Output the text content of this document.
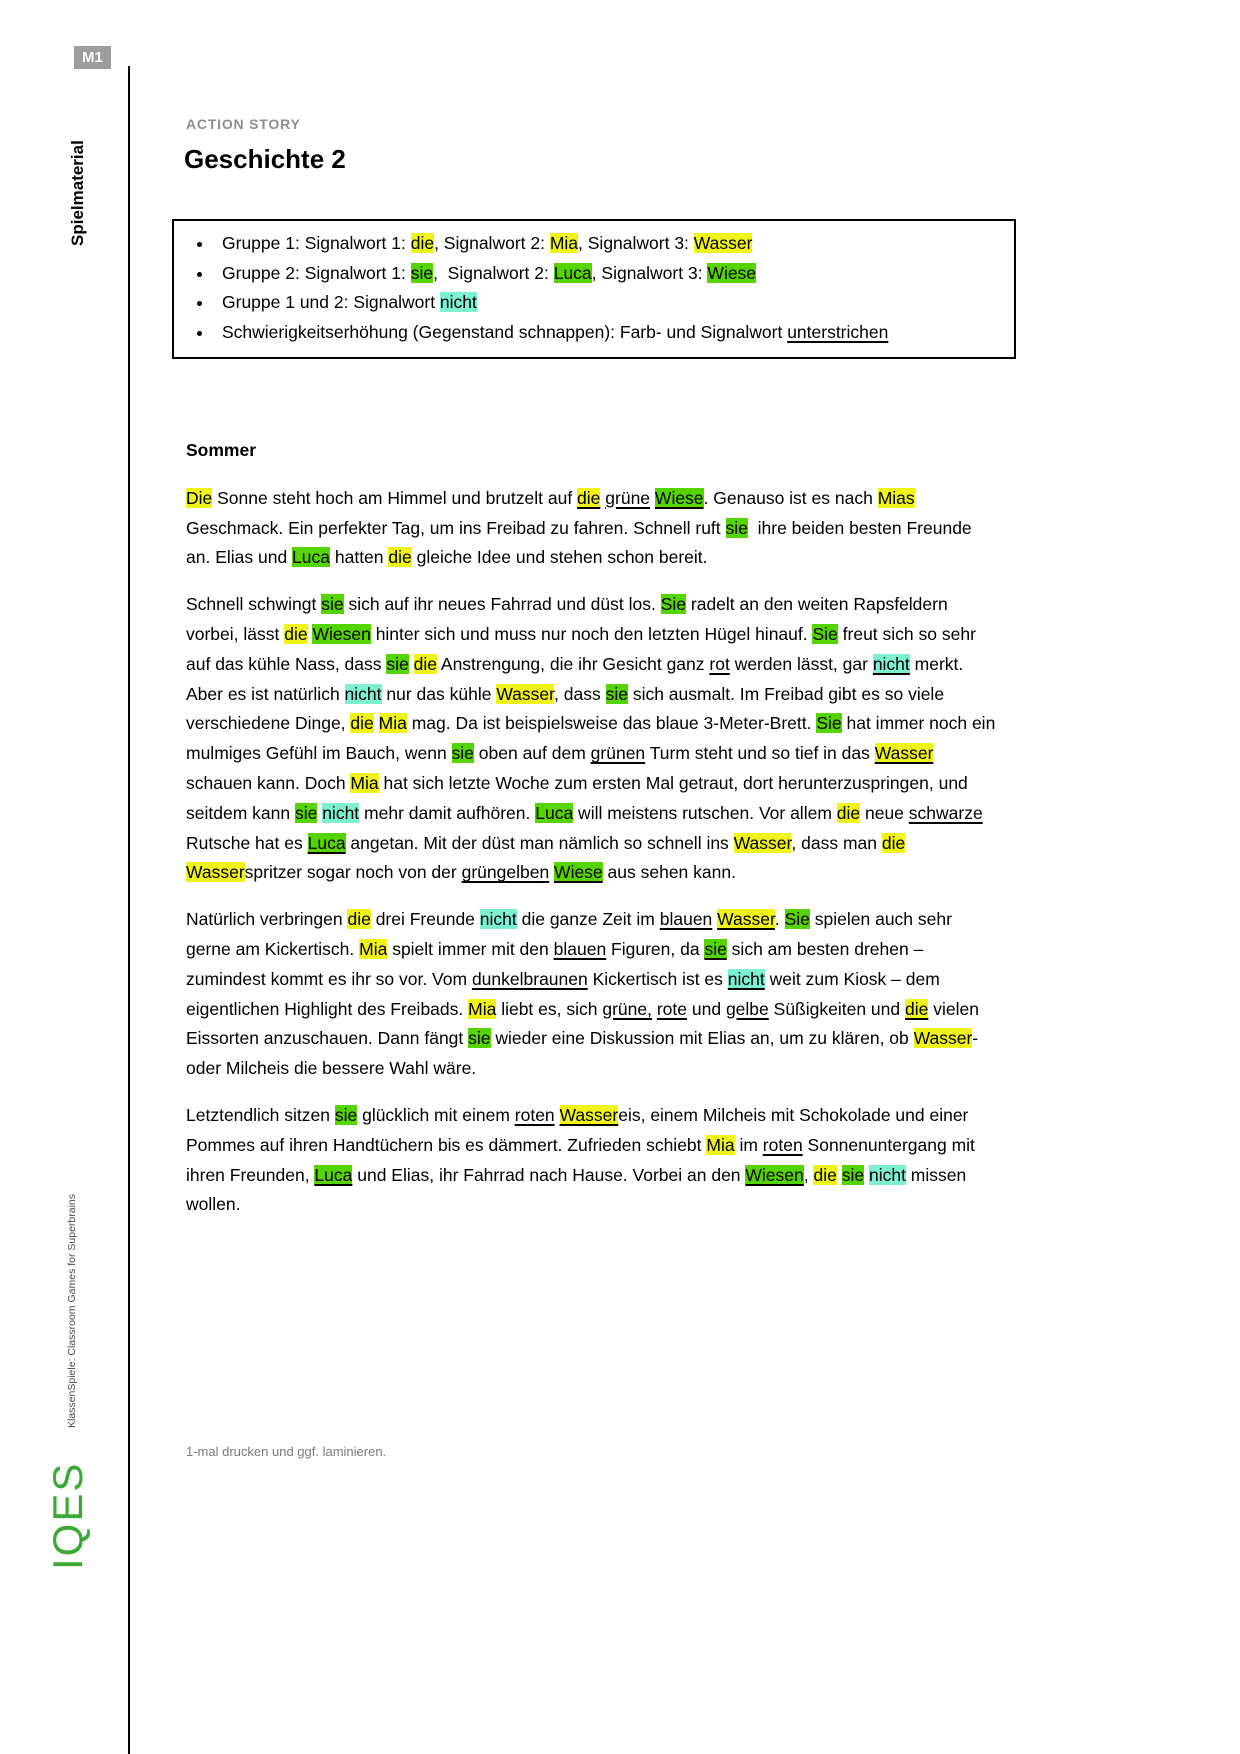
M1
Spielmaterial
KlassenSpiele: Classroom Games for Superbrains
IQES
ACTION STORY
Geschichte 2
• Gruppe 1: Signalwort 1: die, Signalwort 2: Mia, Signalwort 3: Wasser
• Gruppe 2: Signalwort 1: sie,  Signalwort 2: Luca, Signalwort 3: Wiese
• Gruppe 1 und 2: Signalwort nicht
• Schwierigkeitserhöhung (Gegenstand schnappen): Farb- und Signalwort unterstrichen
Sommer

Die Sonne steht hoch am Himmel und brutzelt auf die grüne Wiese. Genauso ist es nach Mias Geschmack. Ein perfekter Tag, um ins Freibad zu fahren. Schnell ruft sie  ihre beiden besten Freunde an. Elias und Luca hatten die gleiche Idee und stehen schon bereit.

Schnell schwingt sie sich auf ihr neues Fahrrad und düst los. Sie radelt an den weiten Rapsfeldern vorbei, lässt die Wiesen hinter sich und muss nur noch den letzten Hügel hinauf. Sie freut sich so sehr auf das kühle Nass, dass sie die Anstrengung, die ihr Gesicht ganz rot werden lässt, gar nicht merkt. Aber es ist natürlich nicht nur das kühle Wasser, dass sie sich ausmalt. Im Freibad gibt es so viele verschiedene Dinge, die Mia mag. Da ist beispielsweise das blaue 3-Meter-Brett. Sie hat immer noch ein mulmiges Gefühl im Bauch, wenn sie oben auf dem grünen Turm steht und so tief in das Wasser schauen kann. Doch Mia hat sich letzte Woche zum ersten Mal getraut, dort herunterzuspringen, und seitdem kann sie nicht mehr damit aufhören. Luca will meistens rutschen. Vor allem die neue schwarze Rutsche hat es Luca angetan. Mit der düst man nämlich so schnell ins Wasser, dass man die Wasserspritzer sogar noch von der grüngelben Wiese aus sehen kann.

Natürlich verbringen die drei Freunde nicht die ganze Zeit im blauen Wasser. Sie spielen auch sehr gerne am Kickertisch. Mia spielt immer mit den blauen Figuren, da sie sich am besten drehen – zumindest kommt es ihr so vor. Vom dunkelbraunen Kickertisch ist es nicht weit zum Kiosk – dem eigentlichen Highlight des Freibads. Mia liebt es, sich grüne, rote und gelbe Süßigkeiten und die vielen Eissorten anzuschauen. Dann fängt sie wieder eine Diskussion mit Elias an, um zu klären, ob Wasser- oder Milcheis die bessere Wahl wäre.

Letztendlich sitzen sie glücklich mit einem roten Wassereis, einem Milcheis mit Schokolade und einer Pommes auf ihren Handtüchern bis es dämmert. Zufrieden schiebt Mia im roten Sonnenuntergang mit ihren Freunden, Luca und Elias, ihr Fahrrad nach Hause. Vorbei an den Wiesen, die sie nicht missen wollen.

1-mal drucken und ggf. laminieren.
